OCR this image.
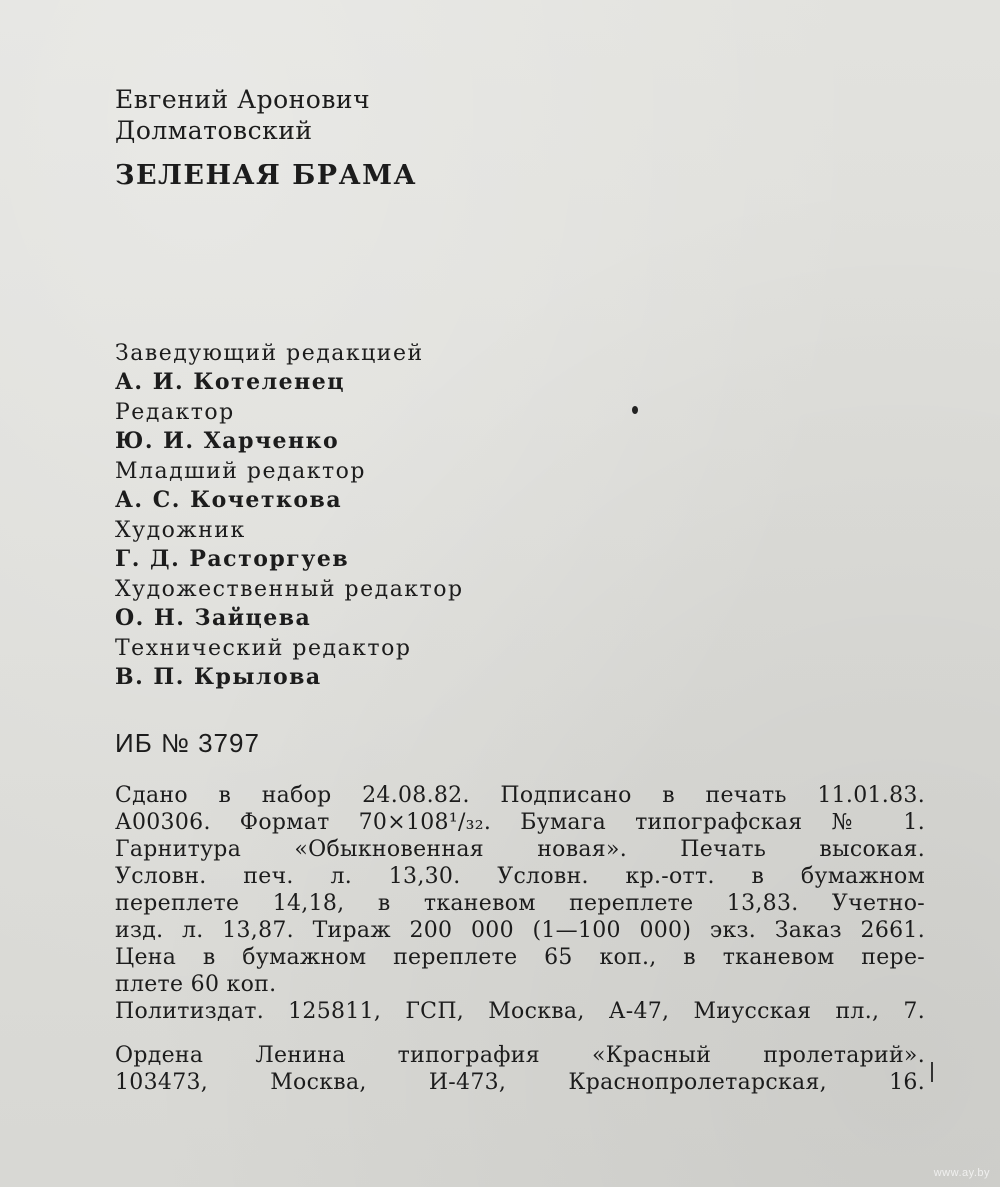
Евгений Аронович
Долматовский
ЗЕЛЕНАЯ БРАМА
Заведующий редакцией
А. И. Котеленец
Редактор
Ю. И. Харченко
Младший редактор
А. С. Кочеткова
Художник
Г. Д. Расторгуев
Художественный редактор
О. Н. Зайцева
Технический редактор
В. П. Крылова
ИБ № 3797
Сдано в набор 24.08.82. Подписано в печать 11.01.83.
А00306. Формат 70×108¹/₃₂. Бумага типографская № 1.
Гарнитура «Обыкновенная новая». Печать высокая.
Условн. печ. л. 13,30. Условн. кр.-отт. в бумажном
переплете 14,18, в тканевом переплете 13,83. Учетно-
изд. л. 13,87. Тираж 200 000 (1—100 000) экз. Заказ 2661.
Цена в бумажном переплете 65 коп., в тканевом пере-
плете 60 коп.
Политиздат. 125811, ГСП, Москва, А-47, Миусская пл., 7.
Ордена Ленина типография «Красный пролетарий».
103473, Москва, И-473, Краснопролетарская, 16.
www.ay.by
